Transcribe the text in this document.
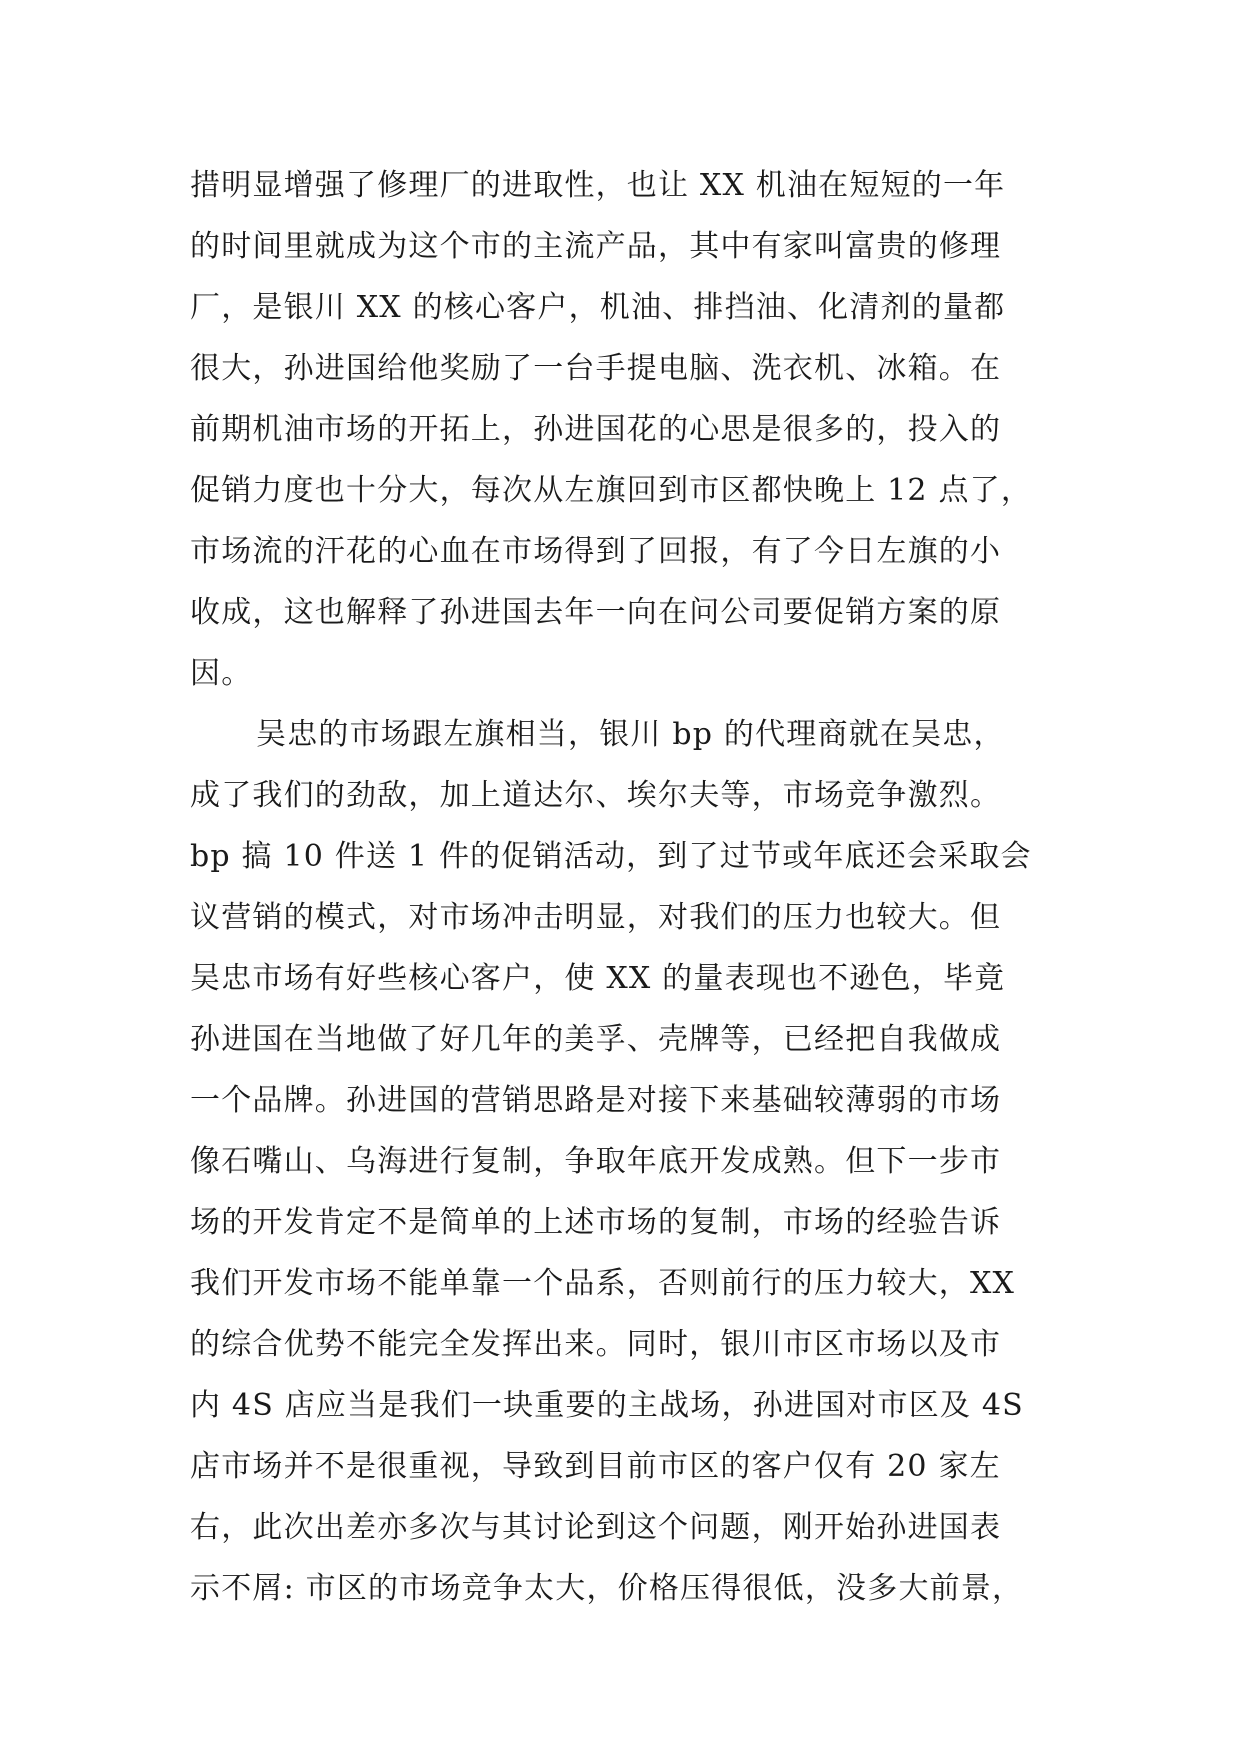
措明显增强了修理厂的进取性，也让 XX 机油在短短的一年
的时间里就成为这个市的主流产品，其中有家叫富贵的修理
厂，是银川 XX 的核心客户，机油、排挡油、化清剂的量都
很大，孙进国给他奖励了一台手提电脑、洗衣机、冰箱。在
前期机油市场的开拓上，孙进国花的心思是很多的，投入的
促销力度也十分大，每次从左旗回到市区都快晚上 12 点了，
市场流的汗花的心血在市场得到了回报，有了今日左旗的小
收成，这也解释了孙进国去年一向在问公司要促销方案的原
因。
吴忠的市场跟左旗相当，银川 bp 的代理商就在吴忠，
成了我们的劲敌，加上道达尔、埃尔夫等，市场竞争激烈。
bp 搞 10 件送 1 件的促销活动，到了过节或年底还会采取会
议营销的模式，对市场冲击明显，对我们的压力也较大。但
吴忠市场有好些核心客户，使 XX 的量表现也不逊色，毕竟
孙进国在当地做了好几年的美孚、壳牌等，已经把自我做成
一个品牌。孙进国的营销思路是对接下来基础较薄弱的市场
像石嘴山、乌海进行复制，争取年底开发成熟。但下一步市
场的开发肯定不是简单的上述市场的复制，市场的经验告诉
我们开发市场不能单靠一个品系，否则前行的压力较大，XX
的综合优势不能完全发挥出来。同时，银川市区市场以及市
内 4S 店应当是我们一块重要的主战场，孙进国对市区及 4S
店市场并不是很重视，导致到目前市区的客户仅有 20 家左
右，此次出差亦多次与其讨论到这个问题，刚开始孙进国表
示不屑: 市区的市场竞争太大，价格压得很低，没多大前景，
